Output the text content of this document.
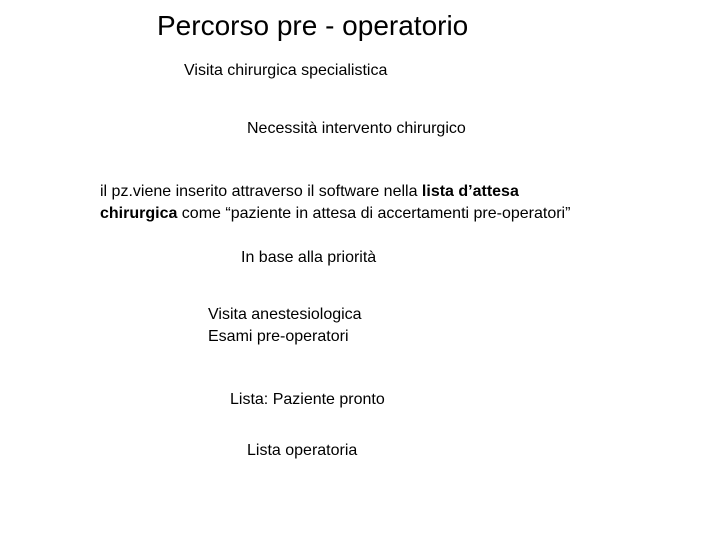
Percorso pre - operatorio
Visita chirurgica specialistica
Necessità intervento chirurgico
il pz.viene inserito attraverso il software nella lista d’attesa chirurgica come “paziente in attesa di accertamenti pre-operatori”
In base alla priorità
Visita anestesiologica
Esami pre-operatori
Lista: Paziente pronto
Lista operatoria
